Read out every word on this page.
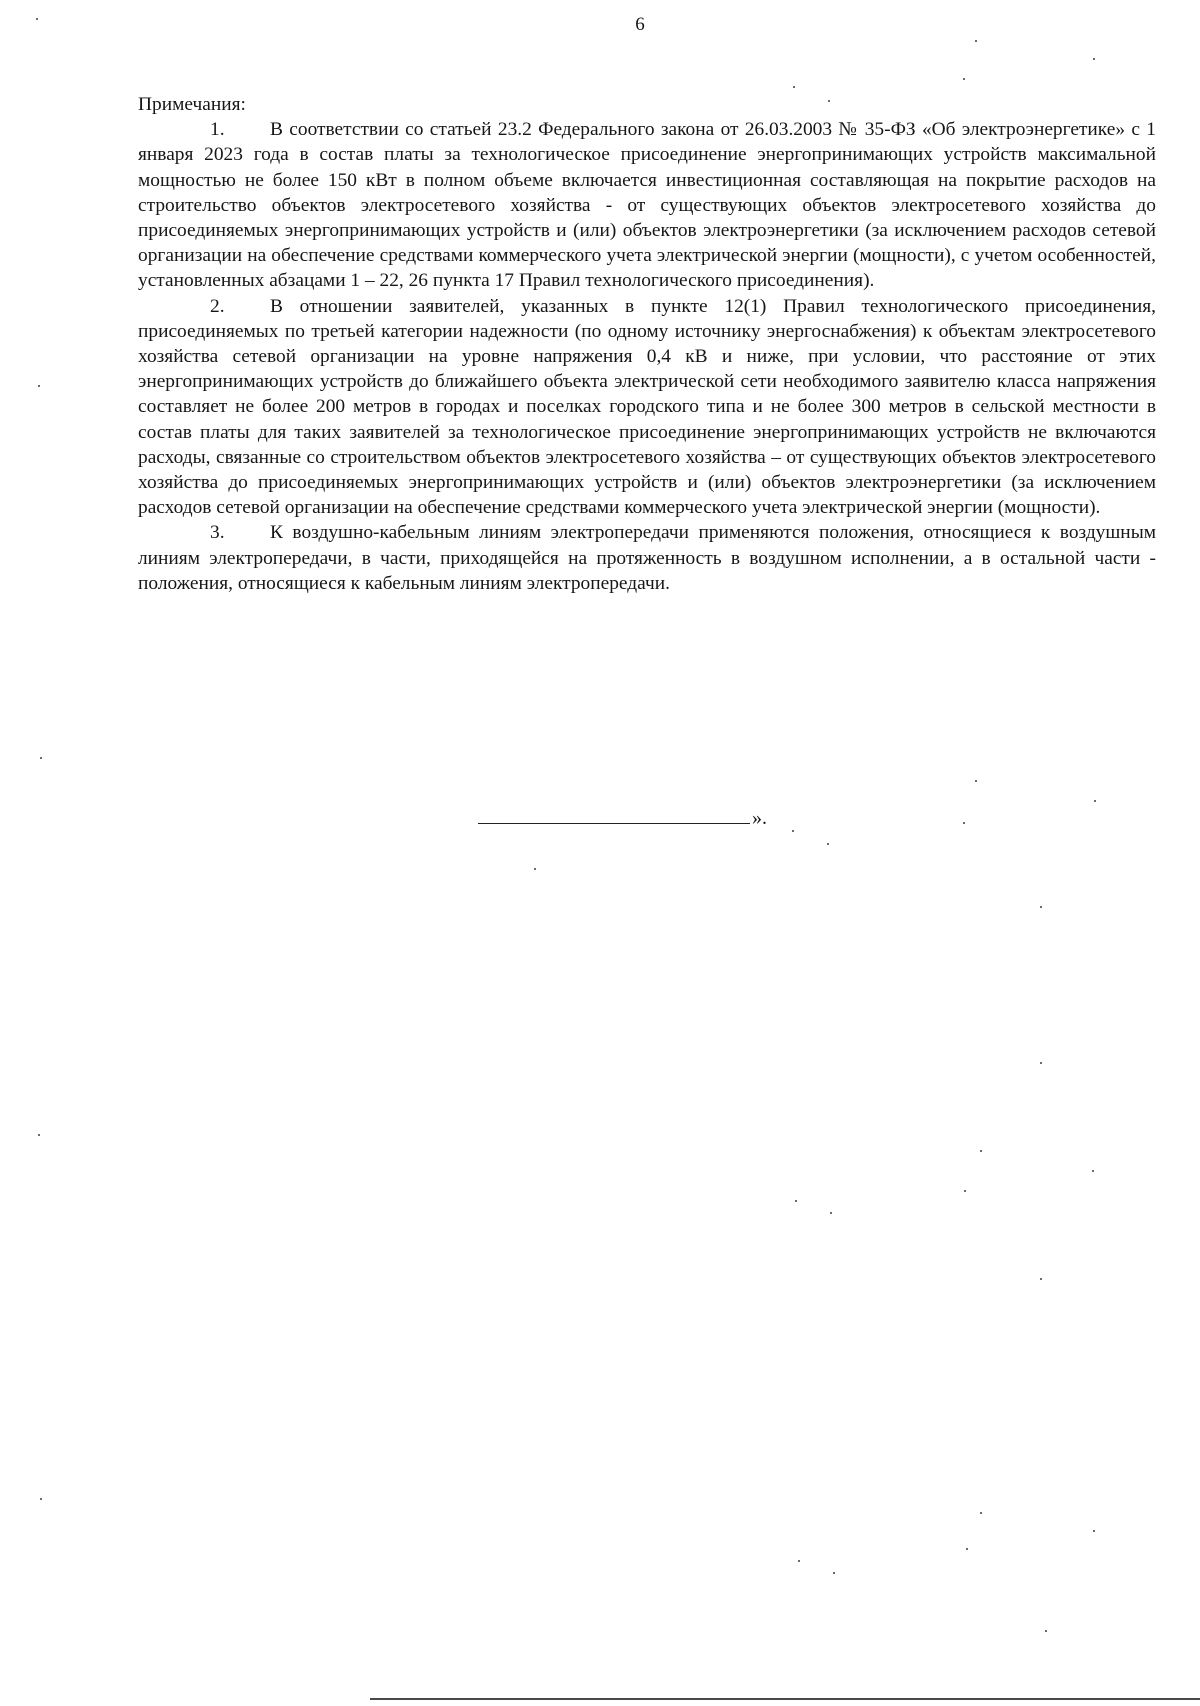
6

Примечания:

1. В соответствии со статьей 23.2 Федерального закона от 26.03.2003 № 35-ФЗ «Об электроэнергетике» с 1 января 2023 года в состав платы за технологическое присоединение энергопринимающих устройств максимальной мощностью не более 150 кВт в полном объеме включается инвестиционная составляющая на покрытие расходов на строительство объектов электросетевого хозяйства - от существующих объектов электросетевого хозяйства до присоединяемых энергопринимающих устройств и (или) объектов электроэнергетики (за исключением расходов сетевой организации на обеспечение средствами коммерческого учета электрической энергии (мощности), с учетом особенностей, установленных абзацами 1 – 22, 26 пункта 17 Правил технологического присоединения).

2. В отношении заявителей, указанных в пункте 12(1) Правил технологического присоединения, присоединяемых по третьей категории надежности (по одному источнику энергоснабжения) к объектам электросетевого хозяйства сетевой организации на уровне напряжения 0,4 кВ и ниже, при условии, что расстояние от этих энергопринимающих устройств до ближайшего объекта электрической сети необходимого заявителю класса напряжения составляет не более 200 метров в городах и поселках городского типа и не более 300 метров в сельской местности в состав платы для таких заявителей за технологическое присоединение энергопринимающих устройств не включаются расходы, связанные со строительством объектов электросетевого хозяйства – от существующих объектов электросетевого хозяйства до присоединяемых энергопринимающих устройств и (или) объектов электроэнергетики (за исключением расходов сетевой организации на обеспечение средствами коммерческого учета электрической энергии (мощности).

3. К воздушно-кабельным линиям электропередачи применяются положения, относящиеся к воздушным линиям электропередачи, в части, приходящейся на протяженность в воздушном исполнении, а в остальной части - положения, относящиеся к кабельным линиям электропередачи.

».
